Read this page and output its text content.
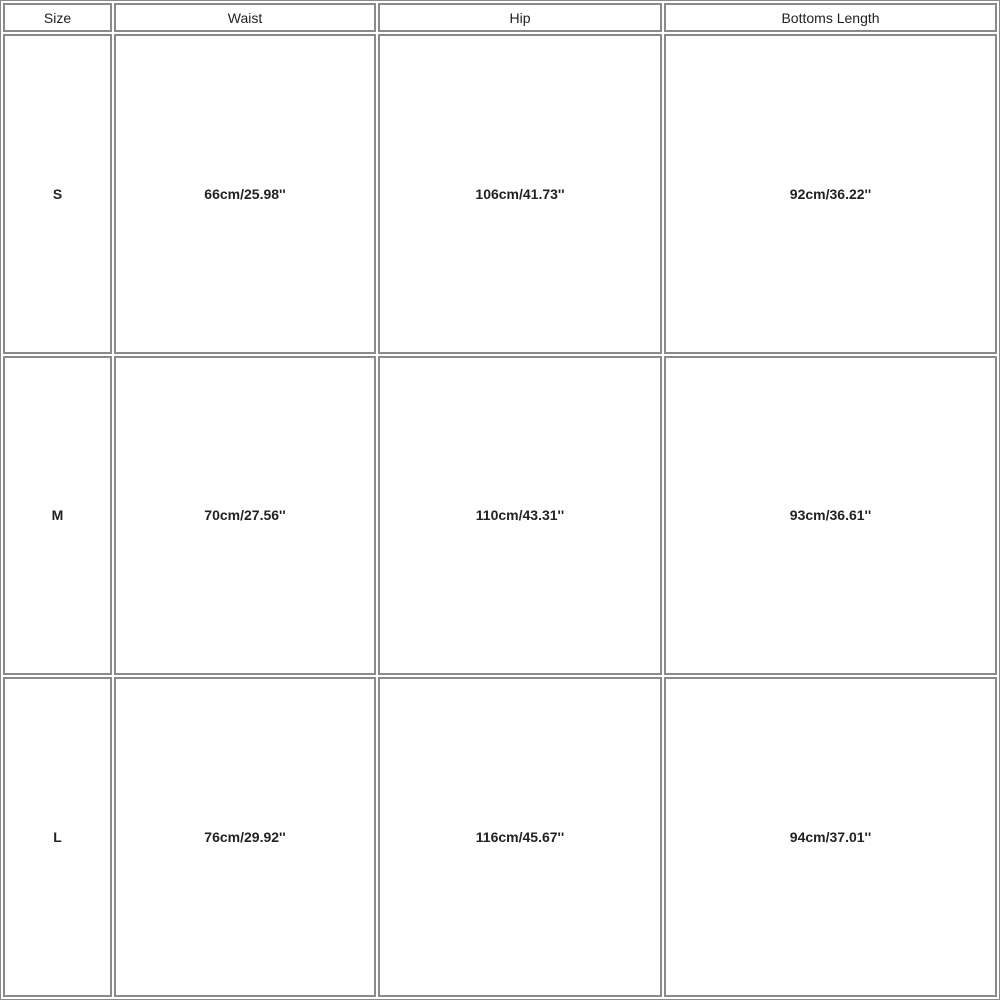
Size	Waist	Hip	Bottoms Length
S	66cm/25.98''	106cm/41.73''	92cm/36.22''
M	70cm/27.56''	110cm/43.31''	93cm/36.61''
L	76cm/29.92''	116cm/45.67''	94cm/37.01''
